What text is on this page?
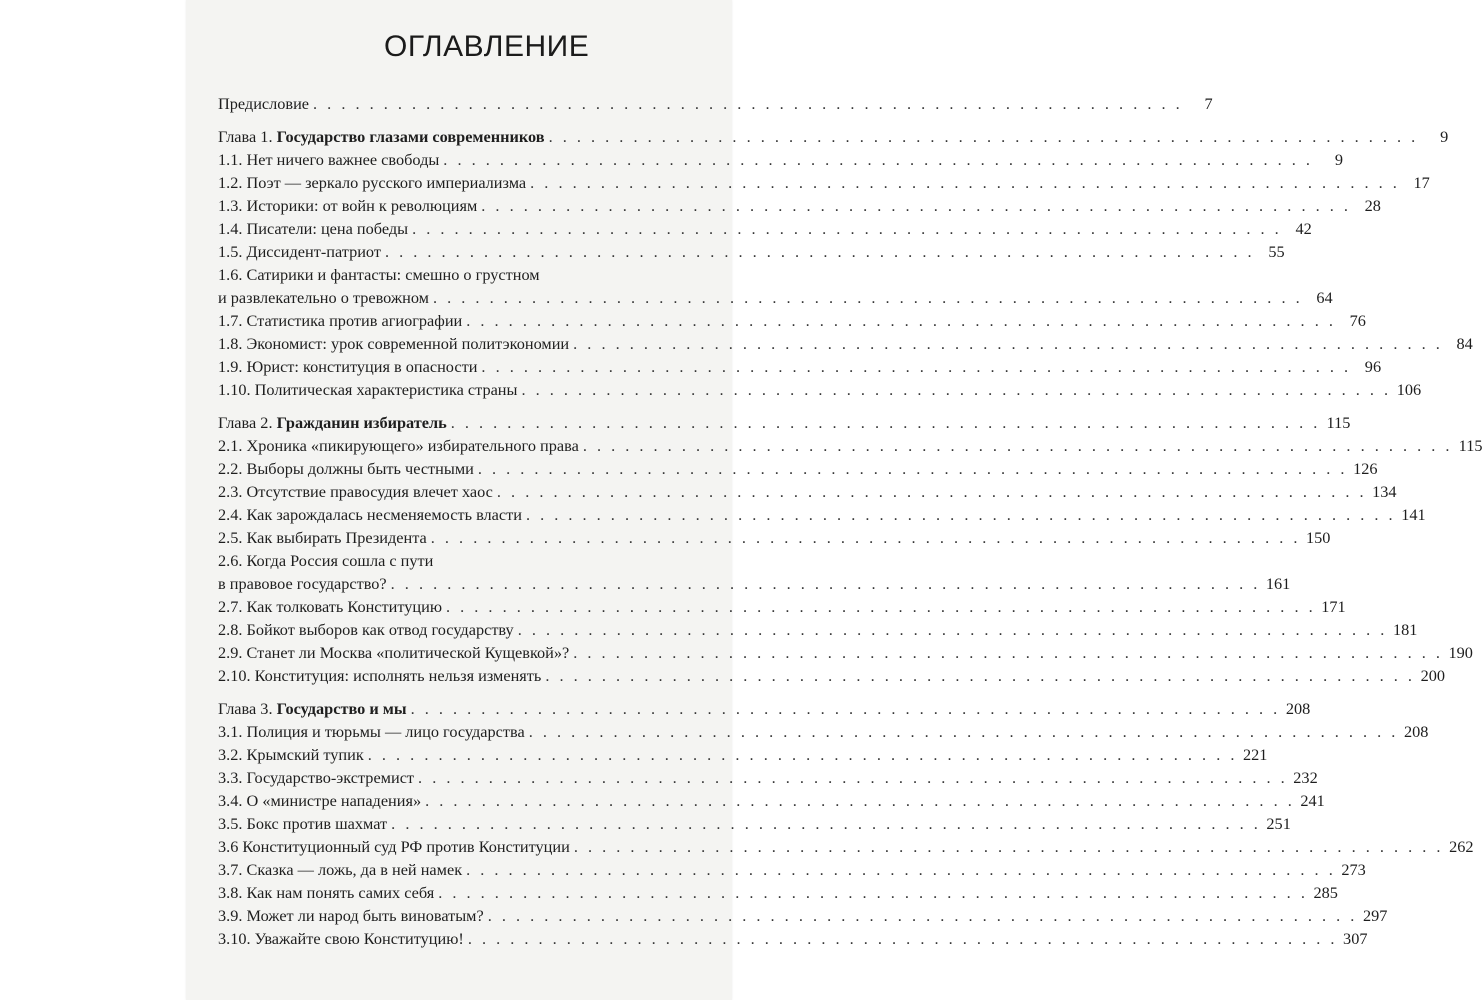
ОГЛАВЛЕНИЕ
Предисловие . . . . . . . . . . . . . . . . . . . . . . . . . . . . . . . . . . . . . . . . . . . . . . . . . . . . . . . . . . . . . .	7
Глава 1. Государство глазами современников . . . . . . . . . . . . . . . . . . . . . . . . . . . . . . . . . . . . . . . . . . . . . . . . . . . . . . . . . . . . . .	9
1.1. Нет ничего важнее свободы . . . . . . . . . . . . . . . . . . . . . . . . . . . . . . . . . . . . . . . . . . . . . . . . . . . . . . . . . . . . . .	9
1.2. Поэт — зеркало русского империализма . . . . . . . . . . . . . . . . . . . . . . . . . . . . . . . . . . . . . . . . . . . . . . . . . . . . . . . . . . . . . . 17
1.3. Историки: от войн к революциям . . . . . . . . . . . . . . . . . . . . . . . . . . . . . . . . . . . . . . . . . . . . . . . . . . . . . . . . . . . . . . 28
1.4. Писатели: цена победы . . . . . . . . . . . . . . . . . . . . . . . . . . . . . . . . . . . . . . . . . . . . . . . . . . . . . . . . . . . . . . 42
1.5. Диссидент-патриот . . . . . . . . . . . . . . . . . . . . . . . . . . . . . . . . . . . . . . . . . . . . . . . . . . . . . . . . . . . . . . 55
1.6. Сатирики и фантасты: смешно о грустном
и развлекательно о тревожном . . . . . . . . . . . . . . . . . . . . . . . . . . . . . . . . . . . . . . . . . . . . . . . . . . . . . . . . . . . . . . 64
1.7. Статистика против агиографии . . . . . . . . . . . . . . . . . . . . . . . . . . . . . . . . . . . . . . . . . . . . . . . . . . . . . . . . . . . . . . 76
1.8. Экономист: урок современной политэкономии . . . . . . . . . . . . . . . . . . . . . . . . . . . . . . . . . . . . . . . . . . . . . . . . . . . . . . . . . . . . . . 84
1.9. Юрист: конституция в опасности . . . . . . . . . . . . . . . . . . . . . . . . . . . . . . . . . . . . . . . . . . . . . . . . . . . . . . . . . . . . . . 96
1.10. Политическая характеристика страны . . . . . . . . . . . . . . . . . . . . . . . . . . . . . . . . . . . . . . . . . . . . . . . . . . . . . . . . . . . . . . 106
Глава 2. Гражданин избиратель . . . . . . . . . . . . . . . . . . . . . . . . . . . . . . . . . . . . . . . . . . . . . . . . . . . . . . . . . . . . . . 115
2.1. Хроника «пикирующего» избирательного права . . . . . . . . . . . . . . . . . . . . . . . . . . . . . . . . . . . . . . . . . . . . . . . . . . . . . . . . . . . . . . 115
2.2. Выборы должны быть честными . . . . . . . . . . . . . . . . . . . . . . . . . . . . . . . . . . . . . . . . . . . . . . . . . . . . . . . . . . . . . . 126
2.3. Отсутствие правосудия влечет хаос . . . . . . . . . . . . . . . . . . . . . . . . . . . . . . . . . . . . . . . . . . . . . . . . . . . . . . . . . . . . . . 134
2.4. Как зарождалась несменяемость власти . . . . . . . . . . . . . . . . . . . . . . . . . . . . . . . . . . . . . . . . . . . . . . . . . . . . . . . . . . . . . . 141
2.5. Как выбирать Президента . . . . . . . . . . . . . . . . . . . . . . . . . . . . . . . . . . . . . . . . . . . . . . . . . . . . . . . . . . . . . . 150
2.6. Когда Россия сошла с пути
в правовое государство? . . . . . . . . . . . . . . . . . . . . . . . . . . . . . . . . . . . . . . . . . . . . . . . . . . . . . . . . . . . . . . 161
2.7. Как толковать Конституцию . . . . . . . . . . . . . . . . . . . . . . . . . . . . . . . . . . . . . . . . . . . . . . . . . . . . . . . . . . . . . . 171
2.8. Бойкот выборов как отвод государству . . . . . . . . . . . . . . . . . . . . . . . . . . . . . . . . . . . . . . . . . . . . . . . . . . . . . . . . . . . . . . 181
2.9. Станет ли Москва «политической Кущевкой»? . . . . . . . . . . . . . . . . . . . . . . . . . . . . . . . . . . . . . . . . . . . . . . . . . . . . . . . . . . . . . . 190
2.10. Конституция: исполнять нельзя изменять . . . . . . . . . . . . . . . . . . . . . . . . . . . . . . . . . . . . . . . . . . . . . . . . . . . . . . . . . . . . . . 200
Глава 3. Государство и мы . . . . . . . . . . . . . . . . . . . . . . . . . . . . . . . . . . . . . . . . . . . . . . . . . . . . . . . . . . . . . . 208
3.1. Полиция и тюрьмы — лицо государства . . . . . . . . . . . . . . . . . . . . . . . . . . . . . . . . . . . . . . . . . . . . . . . . . . . . . . . . . . . . . . 208
3.2. Крымский тупик . . . . . . . . . . . . . . . . . . . . . . . . . . . . . . . . . . . . . . . . . . . . . . . . . . . . . . . . . . . . . . 221
3.3. Государство-экстремист . . . . . . . . . . . . . . . . . . . . . . . . . . . . . . . . . . . . . . . . . . . . . . . . . . . . . . . . . . . . . . 232
3.4. О «министре нападения» . . . . . . . . . . . . . . . . . . . . . . . . . . . . . . . . . . . . . . . . . . . . . . . . . . . . . . . . . . . . . . 241
3.5. Бокс против шахмат . . . . . . . . . . . . . . . . . . . . . . . . . . . . . . . . . . . . . . . . . . . . . . . . . . . . . . . . . . . . . . 251
3.6 Конституционный суд РФ против Конституции . . . . . . . . . . . . . . . . . . . . . . . . . . . . . . . . . . . . . . . . . . . . . . . . . . . . . . . . . . . . . . 262
3.7. Сказка — ложь, да в ней намек . . . . . . . . . . . . . . . . . . . . . . . . . . . . . . . . . . . . . . . . . . . . . . . . . . . . . . . . . . . . . . 273
3.8. Как нам понять самих себя . . . . . . . . . . . . . . . . . . . . . . . . . . . . . . . . . . . . . . . . . . . . . . . . . . . . . . . . . . . . . . 285
3.9. Может ли народ быть виноватым? . . . . . . . . . . . . . . . . . . . . . . . . . . . . . . . . . . . . . . . . . . . . . . . . . . . . . . . . . . . . . . 297
3.10. Уважайте свою Конституцию! . . . . . . . . . . . . . . . . . . . . . . . . . . . . . . . . . . . . . . . . . . . . . . . . . . . . . . . . . . . . . . 307
